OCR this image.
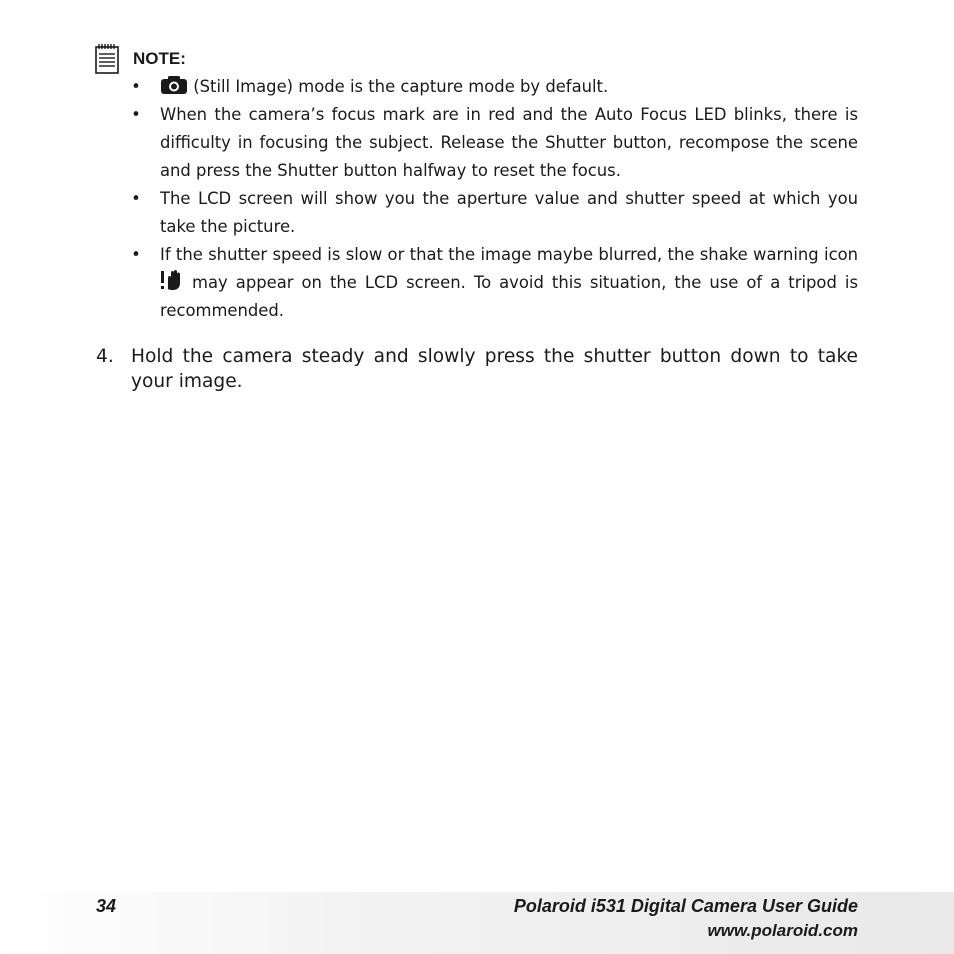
NOTE:
•	(Still Image) mode is the capture mode by default.
• When the camera’s focus mark are in red and the Auto Focus LED blinks, there is difficulty in focusing the subject. Release the Shutter button, recompose the scene and press the Shutter button halfway to reset the focus.
• The LCD screen will show you the aperture value and shutter speed at which you take the picture.
• If the shutter speed is slow or that the image maybe blurred, the shake warning icon  may appear on the LCD screen. To avoid this situation, the use of a tripod is recommended.
4. Hold the camera steady and slowly press the shutter button down to take your image.
34	Polaroid i531 Digital Camera User Guide
www.polaroid.com
